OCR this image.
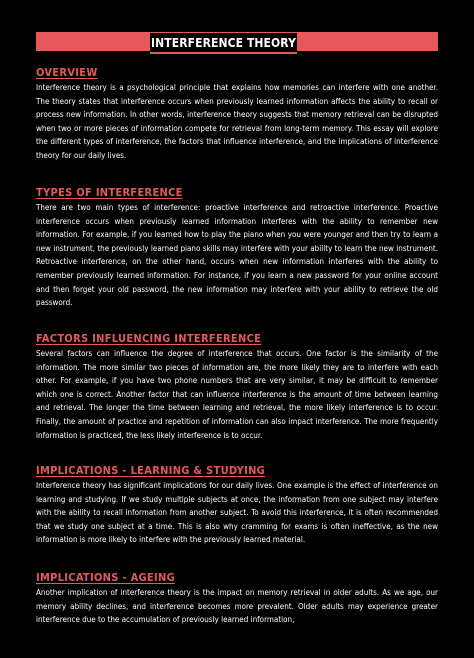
INTERFERENCE THEORY
OVERVIEW
Interference theory is a psychological principle that explains how memories can interfere with one another. The theory states that interference occurs when previously learned information affects the ability to recall or process new information. In other words, interference theory suggests that memory retrieval can be disrupted when two or more pieces of information compete for retrieval from long-term memory. This essay will explore the different types of interference, the factors that influence interference, and the implications of interference theory for our daily lives.
TYPES OF INTERFERENCE
There are two main types of interference: proactive interference and retroactive interference. Proactive interference occurs when previously learned information interferes with the ability to remember new information. For example, if you learned how to play the piano when you were younger and then try to learn a new instrument, the previously learned piano skills may interfere with your ability to learn the new instrument. Retroactive interference, on the other hand, occurs when new information interferes with the ability to remember previously learned information. For instance, if you learn a new password for your online account and then forget your old password, the new information may interfere with your ability to retrieve the old password.
FACTORS INFLUENCING INTERFERENCE
Several factors can influence the degree of interference that occurs. One factor is the similarity of the information. The more similar two pieces of information are, the more likely they are to interfere with each other. For example, if you have two phone numbers that are very similar, it may be difficult to remember which one is correct. Another factor that can influence interference is the amount of time between learning and retrieval. The longer the time between learning and retrieval, the more likely interference is to occur. Finally, the amount of practice and repetition of information can also impact interference. The more frequently information is practiced, the less likely interference is to occur.
IMPLICATIONS - LEARNING & STUDYING
Interference theory has significant implications for our daily lives. One example is the effect of interference on learning and studying. If we study multiple subjects at once, the information from one subject may interfere with the ability to recall information from another subject. To avoid this interference, it is often recommended that we study one subject at a time. This is also why cramming for exams is often ineffective, as the new information is more likely to interfere with the previously learned material.
IMPLICATIONS - AGEING
Another implication of interference theory is the impact on memory retrieval in older adults. As we age, our memory ability declines, and interference becomes more prevalent. Older adults may experience greater interference due to the accumulation of previously learned information,
